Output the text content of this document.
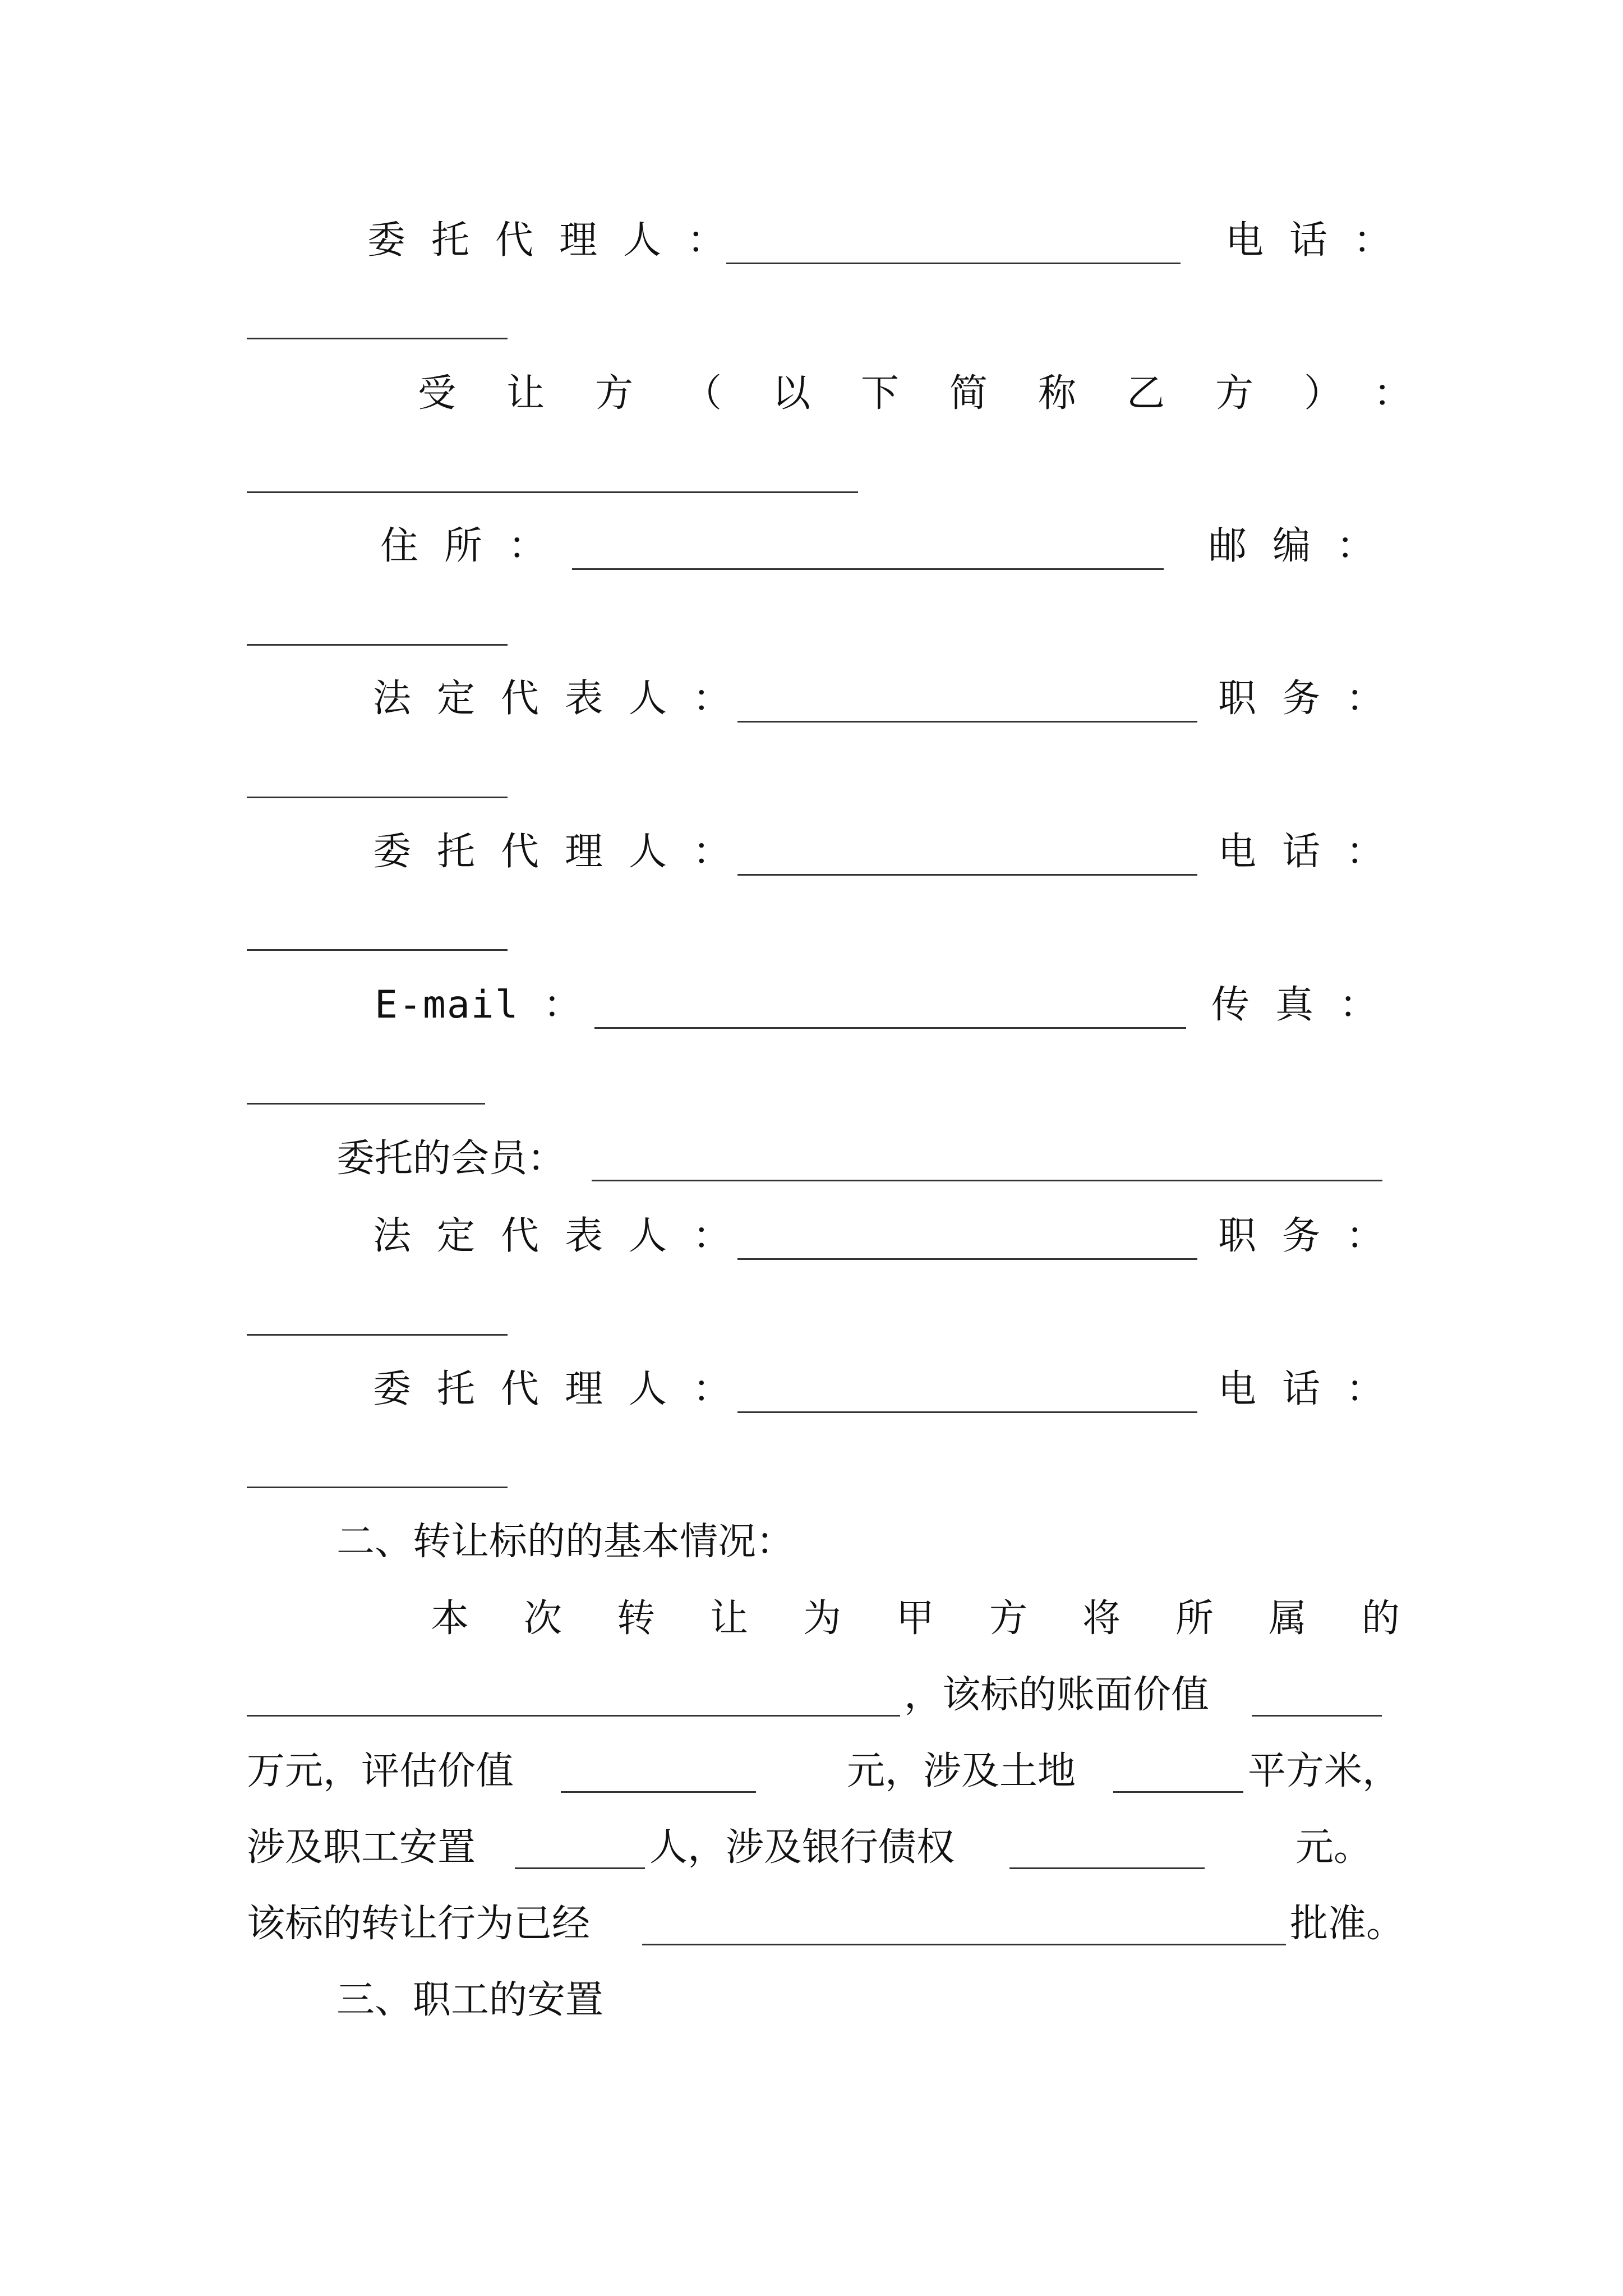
委托代理人：	电话：
受让方（以下简称乙方）：
住所：	邮编：
法定代表人：	职务：
委托代理人：	电话：
E-mail ：	传真：
委托的会员：
法定代表人：	职务：
委托代理人：	电话：
二、转让标的的基本情况：
本次转让为甲方将所属的
，该标的账面价值
万元，评估价值	元，涉及土地	平方米，
涉及职工安置	人，涉及银行债权	元。
该标的转让行为已经	批准。
三、职工的安置
